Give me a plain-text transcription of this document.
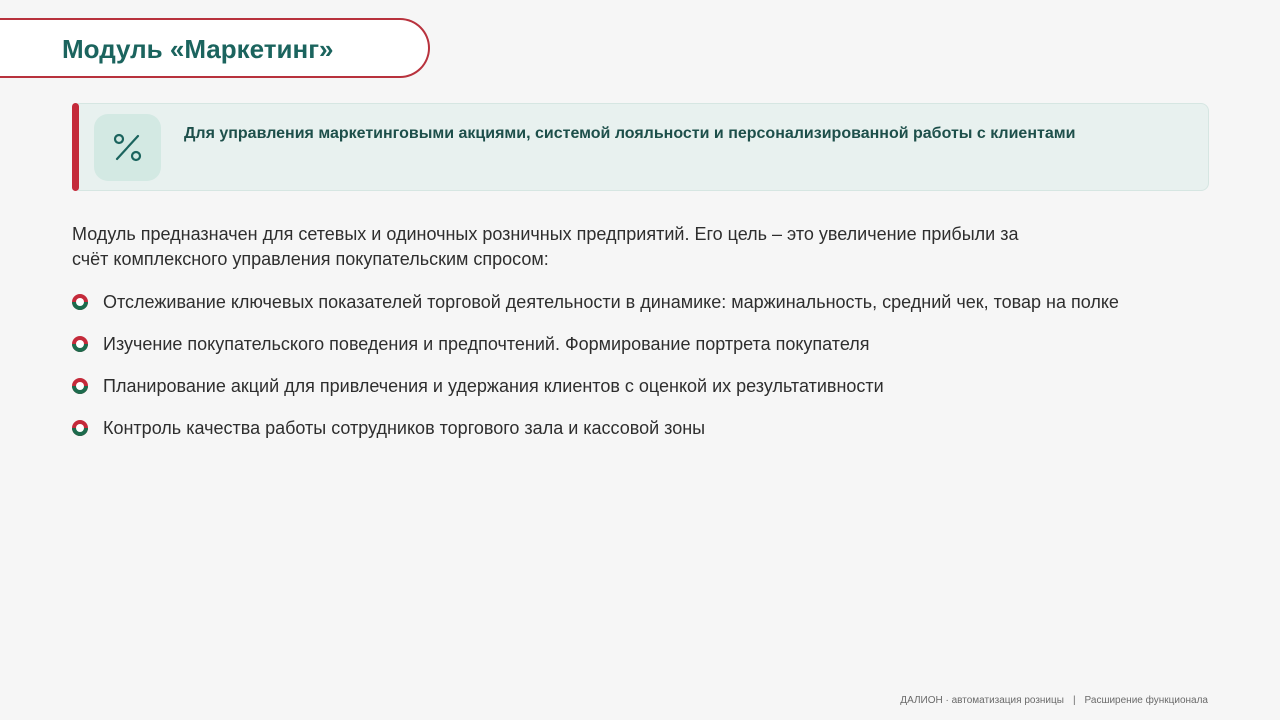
Модуль «Маркетинг»
Для управления маркетинговыми акциями, системой лояльности и персонализированной работы с клиентами
Модуль предназначен для сетевых и одиночных розничных предприятий. Его цель – это увеличение прибыли за счёт комплексного управления покупательским спросом:
Отслеживание ключевых показателей торговой деятельности в динамике: маржинальность, средний чек, товар на полке
Изучение покупательского поведения и предпочтений. Формирование портрета покупателя
Планирование акций для привлечения и удержания клиентов с оценкой их результативности
Контроль качества работы сотрудников торгового зала и кассовой зоны
ДАЛИОН · автоматизация розницы | Расширение функционала
